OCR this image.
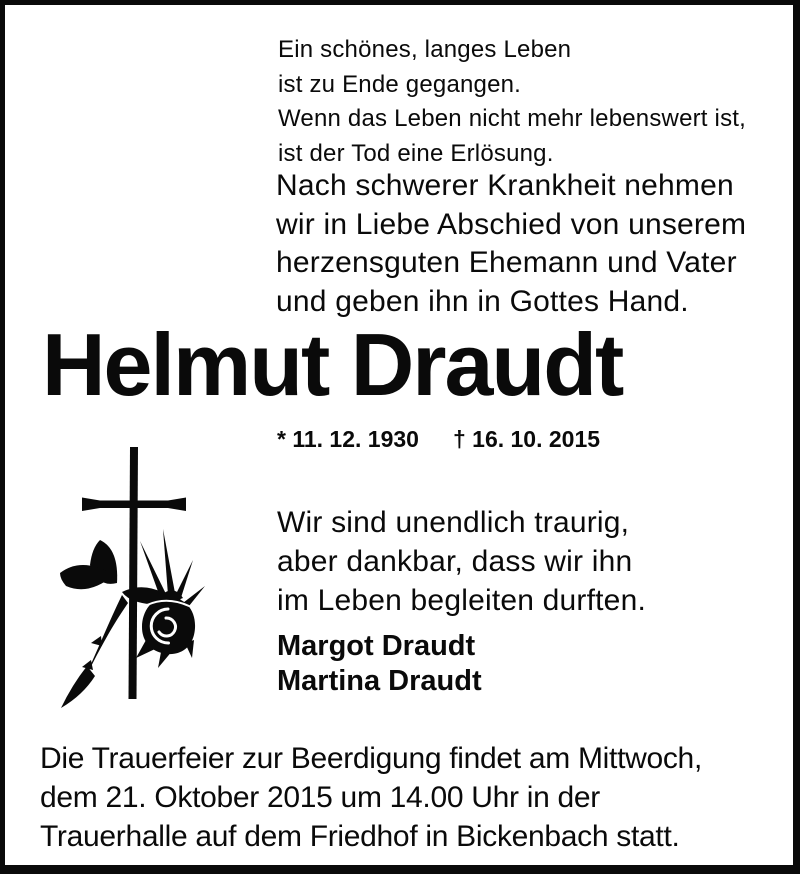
Ein schönes, langes Leben
ist zu Ende gegangen.
Wenn das Leben nicht mehr lebenswert ist,
ist der Tod eine Erlösung.
Nach schwerer Krankheit nehmen
wir in Liebe Abschied von unserem
herzensguten Ehemann und Vater
und geben ihn in Gottes Hand.
Helmut Draudt
* 11. 12. 1930 † 16. 10. 2015
Wir sind unendlich traurig,
aber dankbar, dass wir ihn
im Leben begleiten durften.
Margot Draudt
Martina Draudt
Die Trauerfeier zur Beerdigung findet am Mittwoch,
dem 21. Oktober 2015 um 14.00 Uhr in der
Trauerhalle auf dem Friedhof in Bickenbach statt.
